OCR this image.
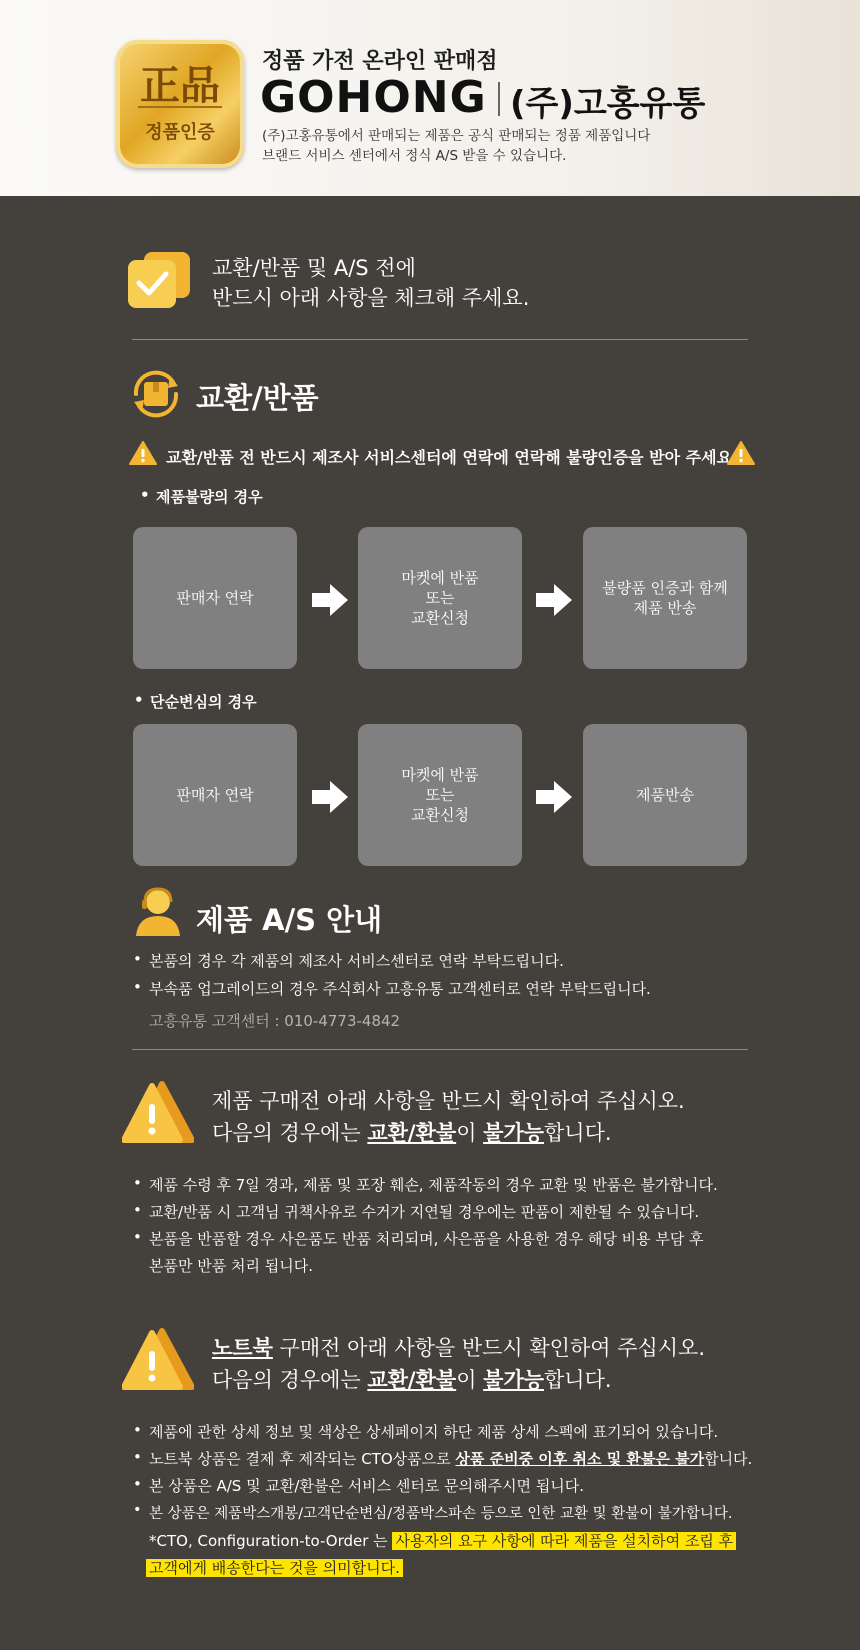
正品
정품인증
정품 가전 온라인 판매점
GOHONG (주)고홍유통
(주)고홍유통에서 판매되는 제품은 공식 판매되는 정품 제품입니다
브랜드 서비스 센터에서 정식 A/S 받을 수 있습니다.
교환/반품 및 A/S 전에
반드시 아래 사항을 체크해 주세요.
교환/반품
교환/반품 전 반드시 제조사 서비스센터에 연락에 연락해 불량인증을 받아 주세요
• 제품불량의 경우
판매자 연락
마켓에 반품
또는
교환신청
불량품 인증과 함께
제품 반송
• 단순변심의 경우
판매자 연락
마켓에 반품
또는
교환신청
제품반송
제품 A/S 안내
• 본품의 경우 각 제품의 제조사 서비스센터로 연락 부탁드립니다.
• 부속품 업그레이드의 경우 주식회사 고흥유통 고객센터로 연락 부탁드립니다.
고흥유통 고객센터 : 010-4773-4842
제품 구매전 아래 사항을 반드시 확인하여 주십시오.
다음의 경우에는 교환/환불이 불가능합니다.
• 제품 수령 후 7일 경과, 제품 및 포장 훼손, 제품작동의 경우 교환 및 반품은 불가합니다.
• 교환/반품 시 고객님 귀책사유로 수거가 지연될 경우에는 판품이 제한될 수 있습니다.
• 본품을 반품할 경우 사은품도 반품 처리되며, 사은품을 사용한 경우 해당 비용 부담 후
본품만 반품 처리 됩니다.
노트북 구매전 아래 사항을 반드시 확인하여 주십시오.
다음의 경우에는 교환/환불이 불가능합니다.
• 제품에 관한 상세 정보 및 색상은 상세페이지 하단 제품 상세 스펙에 표기되어 있습니다.
• 노트북 상품은 결제 후 제작되는 CTO상품으로 상품 준비중 이후 취소 및 환불은 불가합니다.
• 본 상품은 A/S 및 교환/환불은 서비스 센터로 문의해주시면 됩니다.
• 본 상품은 제품박스개봉/고객단순변심/정품박스파손 등으로 인한 교환 및 환불이 불가합니다.
*CTO, Configuration-to-Order 는 사용자의 요구 사항에 따라 제품을 설치하여 조립 후
고객에게 배송한다는 것을 의미합니다.
